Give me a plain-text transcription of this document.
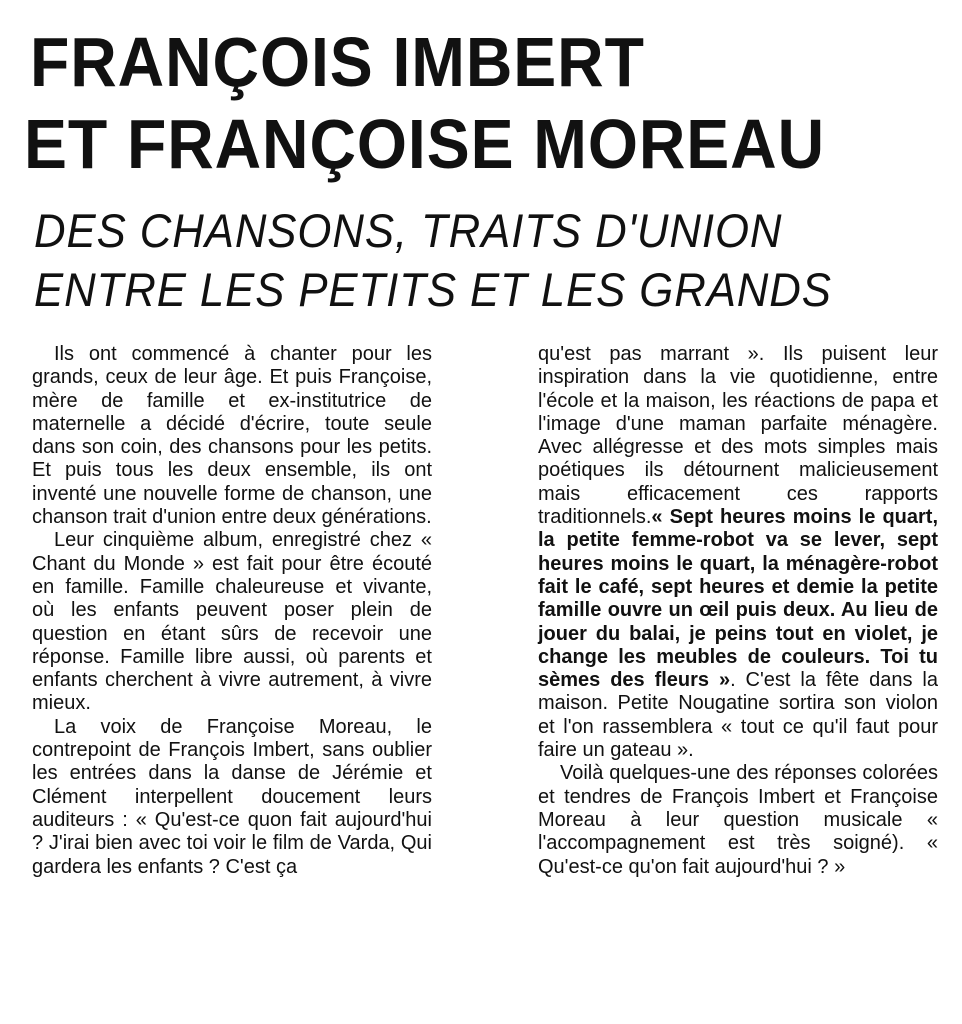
FRANÇOIS IMBERT
ET FRANÇOISE MOREAU
DES CHANSONS, TRAITS D'UNION
ENTRE LES PETITS ET LES GRANDS

Ils ont commencé à chanter pour les grands, ceux de leur âge. Et puis Françoise, mère de famille et ex-institutrice de maternelle a décidé d'écrire, toute seule dans son coin, des chansons pour les petits. Et puis tous les deux ensemble, ils ont inventé une nouvelle forme de chanson, une chanson trait d'union entre deux générations.

Leur cinquième album, enregistré chez « Chant du Monde » est fait pour être écouté en famille. Famille chaleureuse et vivante, où les enfants peuvent poser plein de question en étant sûrs de recevoir une réponse. Famille libre aussi, où parents et enfants cherchent à vivre autrement, à vivre mieux.

La voix de Françoise Moreau, le contrepoint de François Imbert, sans oublier les entrées dans la danse de Jérémie et Clément interpellent doucement leurs auditeurs : « Qu'est-ce quon fait aujourd'hui ? J'irai bien avec toi voir le film de Varda, Qui gardera les enfants ? C'est ça

qu'est pas marrant ». Ils puisent leur inspiration dans la vie quotidienne, entre l'école et la maison, les réactions de papa et l'image d'une maman parfaite ménagère. Avec allégresse et des mots simples mais poétiques ils détournent malicieusement mais efficacement ces rapports traditionnels.« Sept heures moins le quart, la petite femme-robot va se lever, sept heures moins le quart, la ménagère-robot fait le café, sept heures et demie la petite famille ouvre un œil puis deux. Au lieu de jouer du balai, je peins tout en violet, je change les meubles de couleurs. Toi tu sèmes des fleurs ». C'est la fête dans la maison. Petite Nougatine sortira son violon et l'on rassemblera « tout ce qu'il faut pour faire un gateau ».

Voilà quelques-une des réponses colorées et tendres de François Imbert et Françoise Moreau à leur question musicale « l'accompagnement est très soigné). « Qu'est-ce qu'on fait aujourd'hui ? »
